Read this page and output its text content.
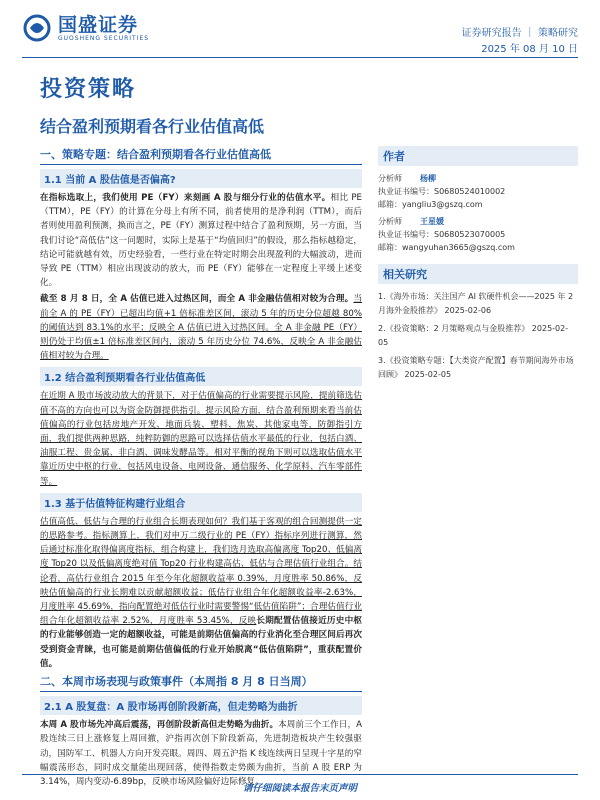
国盛证券
GUOSHENG SECURITIES	证券研究报告 ｜ 策略研究
2025 年 08 月 10 日
投资策略
结合盈利预期看各行业估值高低
一、策略专题：结合盈利预期看各行业估值高低
1.1 当前 A 股估值是否偏高?

在指标选取上，我们使用 PE（FY）来刻画 A 股与细分行业的估值水平。相比 PE（TTM），PE（FY）的计算在分母上有所不同，前者使用的是净利润（TTM），而后者则使用盈利预测，换而言之，PE（FY）测算过程中结合了盈利预期，另一方面，当我们讨论“高低估”这一问题时，实际上是基于“均值回归”的假设，那么指标越稳定，结论可能就越有效，历史经验看，一些行业在特定时期会出现盈利的大幅波动，进而导致 PE（TTM）相应出现波动的放大，而 PE（FY）能够在一定程度上平缓上述变化。

截至 8 月 8 日，全 A 估值已进入过热区间，而全 A 非金融估值相对较为合理。当前全 A 的 PE（FY）已超出均值+1 倍标准差区间，滚动 5 年的历史分位超越 80%的阈值达到 83.1%的水平；反映全 A 估值已进入过热区间。全 A 非金融 PE（FY）则仍处于均值±1 倍标准差区间内，滚动 5 年历史分位 74.6%，反映全 A 非金融估值相对较为合理。

1.2 结合盈利预期看各行业估值高低

在近期 A 股市场波动放大的背景下，对于估值偏高的行业需要提示风险，提前筛选估值不高的方向也可以为资金防御提供指引。提示风险方面，结合盈利预期来看当前估值偏高的行业包括房地产开发、地面兵装、塑料、焦炭、其他家电等，防御指引方面，我们提供两种思路，纯粹防御的思路可以选择估值水平最低的行业，包括白酒、油服工程、贵金属、非白酒、调味发酵品等。相对平衡的视角下则可以选取估值水平靠近历史中枢的行业，包括风电设备、电网设备、通信服务、化学原料、汽车零部件等。

1.3 基于估值特征构建行业组合

估值高低、低估与合理的行业组合长期表现如何？我们基于客观的组合回测提供一定的思路参考。指标测算上，我们对申万二级行业的 PE（FY）指标序列进行测算，然后通过标准化取得偏离度指标，组合构建上，我们选月选取高偏离度 Top20、低偏离度 Top20 以及低偏离度绝对值 Top20 行业构建高估、低估与合理估值行业组合。结论看，高估行业组合 2015 年至今年化超额收益率 0.39%，月度胜率 50.86%，反映估值偏高的行业长期难以贡献超额收益；低估行业组合年化超额收益率-2.63%，月度胜率 45.69%，指向配置绝对低估行业时需要警惕“低估值陷阱”；合理估值行业组合年化超额收益率 2.52%，月度胜率 53.45%，反映长期配置估值接近历史中枢的行业能够创造一定的超额收益，可能是前期估值偏高的行业消化至合理区间后再次受到资金青睐，也可能是前期估值偏低的行业开始脱离“低估值陷阱”，重获配置价值。

二、本周市场表现与政策事件（本周指 8 月 8 日当周）
2.1 A 股复盘：A 股市场再创阶段新高，但走势略为曲折

本周 A 股市场先冲高后震荡，再创阶段新高但走势略为曲折。本周前三个工作日，A 股连续三日上涨修复上周回撤，沪指再次创下阶段新高，先进制造板块产生较强驱动，国防军工、机器人方向开发亮眼。周四、周五沪指 K 线连续两日呈现十字星的窄幅震荡形态，同时成交量能出现回落，使得指数走势颇为曲折，当前 A 股 ERP 为 3.14%，周内变动-6.89bp，反映市场风险偏好边际修复。

作者
分析师 杨柳
执业证书编号：S0680524010002
邮箱：yangliu3@gszq.com
分析师 王星媛
执业证书编号：S0680523070005
邮箱：wangyuhan3665@gszq.com
相关研究
1.《海外市场：关注国产 AI 软硬件机会——2025 年 2 月海外金股推荐》 2025-02-06
2.《投资策略：2 月策略观点与金股推荐》 2025-02-05
3.《投资策略专题：【大类资产配置】春节期间海外市场回顾》 2025-02-05
请仔细阅读本报告末页声明
